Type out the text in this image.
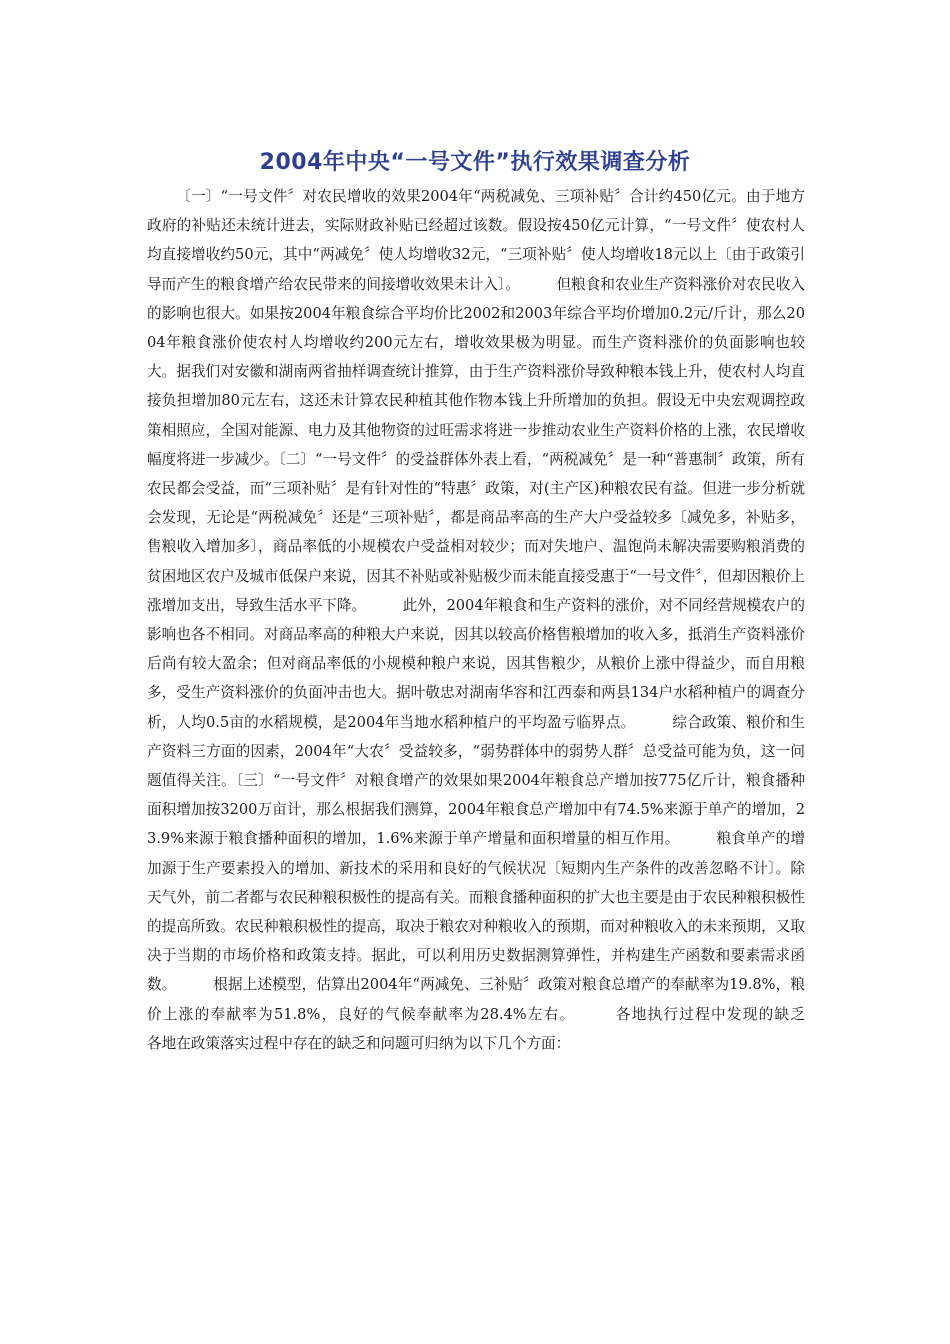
2004年中央“一号文件”执行效果调查分析

〔一〕“一号文件〞对农民增收的效果2004年“两税减免、三项补贴〞合计约450亿元。由于地方政府的补贴还未统计进去，实际财政补贴已经超过该数。假设按450亿元计算，“一号文件〞使农村人均直接增收约50元，其中“两减免〞使人均增收32元，“三项补贴〞使人均增收18元以上〔由于政策引导而产生的粮食增产给农民带来的间接增收效果未计入〕。　　　但粮食和农业生产资料涨价对农民收入的影响也很大。如果按2004年粮食综合平均价比2002和2003年综合平均价增加0.2元/斤计，那么2004年粮食涨价使农村人均增收约200元左右，增收效果极为明显。而生产资料涨价的负面影响也较大。据我们对安徽和湖南两省抽样调查统计推算，由于生产资料涨价导致种粮本钱上升，使农村人均直接负担增加80元左右，这还未计算农民种植其他作物本钱上升所增加的负担。假设无中央宏观调控政策相照应，全国对能源、电力及其他物资的过旺需求将进一步推动农业生产资料价格的上涨，农民增收幅度将进一步减少。〔二〕“一号文件〞的受益群体外表上看，“两税减免〞是一种“普惠制〞政策，所有农民都会受益，而“三项补贴〞是有针对性的“特惠〞政策，对(主产区)种粮农民有益。但进一步分析就会发现，无论是“两税减免〞还是“三项补贴〞，都是商品率高的生产大户受益较多〔减免多，补贴多，售粮收入增加多〕，商品率低的小规模农户受益相对较少；而对失地户、温饱尚未解决需要购粮消费的贫困地区农户及城市低保户来说，因其不补贴或补贴极少而未能直接受惠于“一号文件〞，但却因粮价上涨增加支出，导致生活水平下降。　　　此外，2004年粮食和生产资料的涨价，对不同经营规模农户的影响也各不相同。对商品率高的种粮大户来说，因其以较高价格售粮增加的收入多，抵消生产资料涨价后尚有较大盈余；但对商品率低的小规模种粮户来说，因其售粮少，从粮价上涨中得益少，而自用粮多，受生产资料涨价的负面冲击也大。据叶敬忠对湖南华容和江西泰和两县134户水稻种植户的调查分析，人均0.5亩的水稻规模，是2004年当地水稻种植户的平均盈亏临界点。　　　综合政策、粮价和生产资料三方面的因素，2004年“大农〞受益较多，“弱势群体中的弱势人群〞总受益可能为负，这一问题值得关注。〔三〕“一号文件〞对粮食增产的效果如果2004年粮食总产增加按775亿斤计，粮食播种面积增加按3200万亩计，那么根据我们测算，2004年粮食总产增加中有74.5%来源于单产的增加，23.9%来源于粮食播种面积的增加，1.6%来源于单产增量和面积增量的相互作用。　　　粮食单产的增加源于生产要素投入的增加、新技术的采用和良好的气候状况〔短期内生产条件的改善忽略不计〕。除天气外，前二者都与农民种粮积极性的提高有关。而粮食播种面积的扩大也主要是由于农民种粮积极性的提高所致。农民种粮积极性的提高，取决于粮农对种粮收入的预期，而对种粮收入的未来预期，又取决于当期的市场价格和政策支持。据此，可以利用历史数据测算弹性，并构建生产函数和要素需求函数。　　　根据上述模型，估算出2004年“两减免、三补贴〞政策对粮食总增产的奉献率为19.8%，粮价上涨的奉献率为51.8%，良好的气候奉献率为28.4%左右。　　　各地执行过程中发现的缺乏　　　各地在政策落实过程中存在的缺乏和问题可归纳为以下几个方面：
